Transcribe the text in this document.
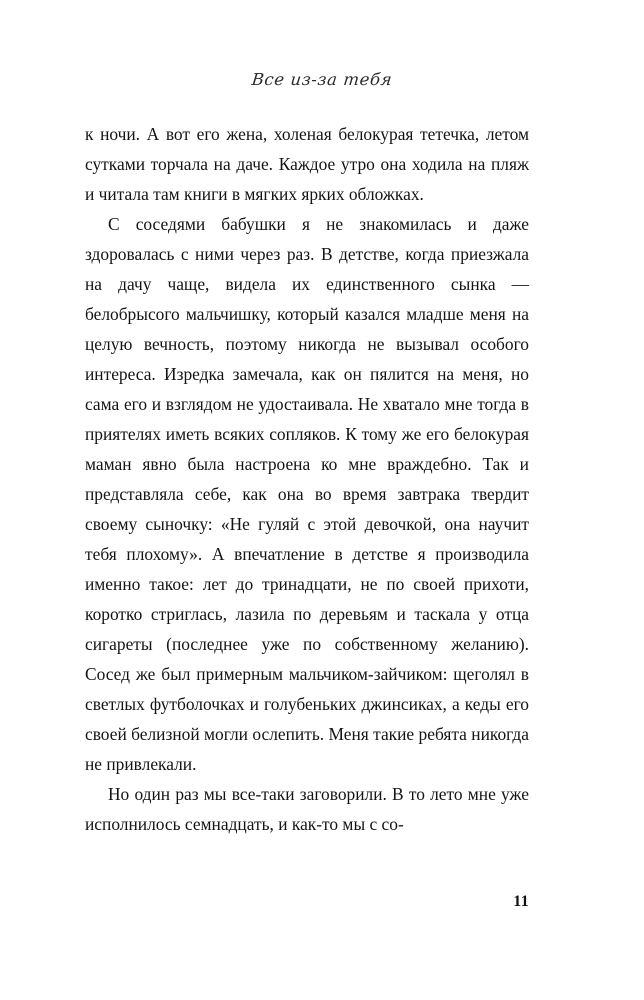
Все из-за тебя

к ночи. А вот его жена, холеная белокурая тетечка, летом сутками торчала на даче. Каждое утро она ходила на пляж и читала там книги в мягких ярких обложках.

С соседями бабушки я не знакомилась и даже здоровалась с ними через раз. В детстве, когда приезжала на дачу чаще, видела их единственного сынка — белобрысого мальчишку, который казался младше меня на целую вечность, поэтому никогда не вызывал особого интереса. Изредка замечала, как он пялится на меня, но сама его и взглядом не удостаивала. Не хватало мне тогда в приятелях иметь всяких сопляков. К тому же его белокурая маман явно была настроена ко мне враждебно. Так и представляла себе, как она во время завтрака твердит своему сыночку: «Не гуляй с этой девочкой, она научит тебя плохому». А впечатление в детстве я производила именно такое: лет до тринадцати, не по своей прихоти, коротко стриглась, лазила по деревьям и таскала у отца сигареты (последнее уже по собственному желанию). Сосед же был примерным мальчиком-зайчиком: щеголял в светлых футболочках и голубеньких джинсиках, а кеды его своей белизной могли ослепить. Меня такие ребята никогда не привлекали.

Но один раз мы все-таки заговорили. В то лето мне уже исполнилось семнадцать, и как-то мы с со-

11
